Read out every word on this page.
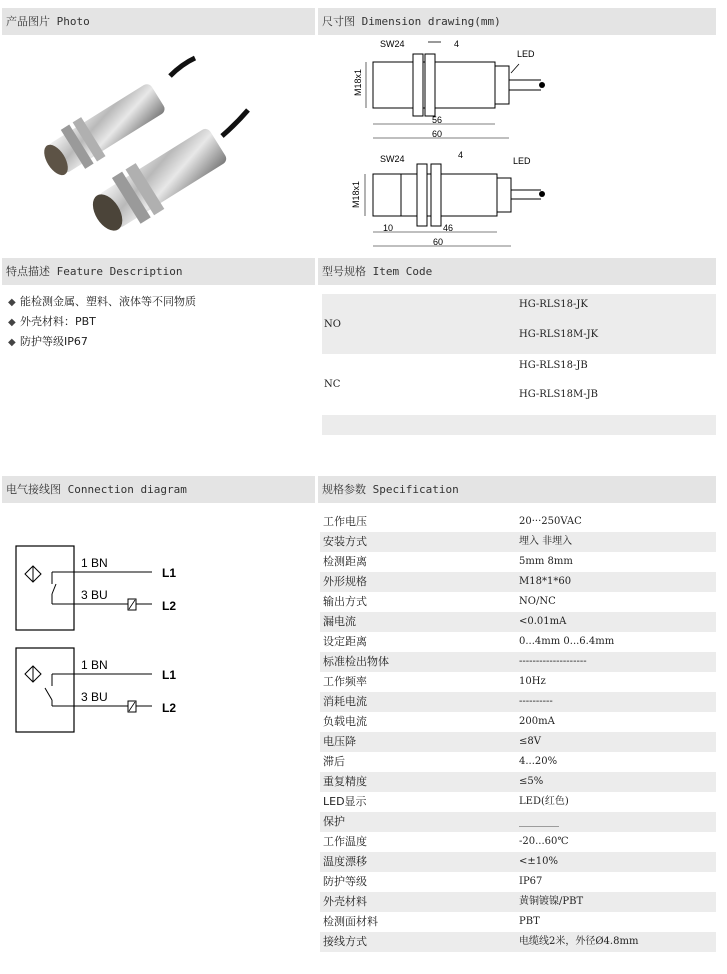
产品图片 Photo	尺寸图 Dimension drawing(mm)
SW24	4
LED
M18x1
56
60
SW24	4
LED
M18x1
10	46
60
特点描述 Feature Description	型号规格 Item Code
◆ 能检测金属、塑料、液体等不同物质
◆ 外壳材料：PBT
◆ 防护等级IP67
NO
HG-RLS18-JK
HG-RLS18M-JK
NC
HG-RLS18-JB
HG-RLS18M-JB
电气接线图 Connection diagram	规格参数 Specification
1 BN
3 BU
L1
L2
1 BN
3 BU
L1
L2
工作电压	20···250VAC
安装方式	埋入 非埋入
检测距离	5mm 8mm
外形规格	M18*1*60
输出方式	NO/NC
漏电流	<0.01mA
设定距离	0...4mm 0...6.4mm
标准检出物体	--------------------
工作频率	10Hz
消耗电流	----------
负载电流	200mA
电压降	≤8V
滞后	4...20%
重复精度	≤5%
LED显示	LED(红色)
保护	________
工作温度	-20...60℃
温度漂移	<±10%
防护等级	IP67
外壳材料	黄铜镀镍/PBT
检测面材料	PBT
接线方式	电缆线2米，外径Ø4.8mm
